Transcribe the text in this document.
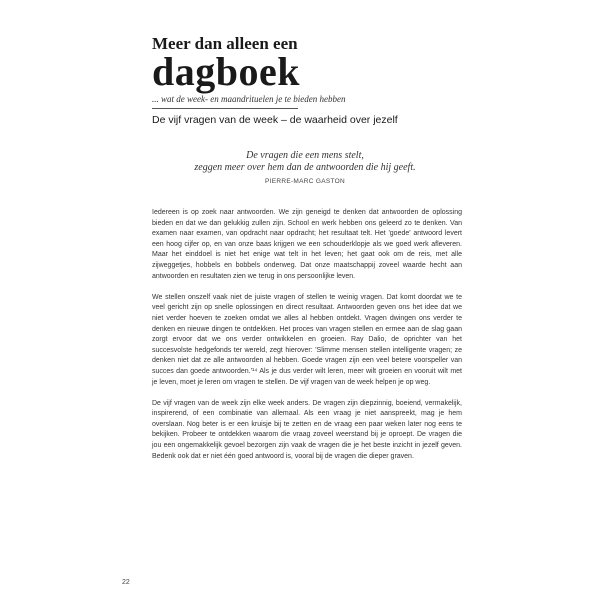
Meer dan alleen een
dagboek
... wat de week- en maandrituelen je te bieden hebben
De vijf vragen van de week – de waarheid over jezelf
De vragen die een mens stelt,
zeggen meer over hem dan de antwoorden die hij geeft.
PIERRE-MARC GASTON

Iedereen is op zoek naar antwoorden. We zijn geneigd te denken dat antwoorden de oplossing bieden en dat we dan gelukkig zullen zijn. School en werk hebben ons geleerd zo te denken. Van examen naar examen, van opdracht naar opdracht; het resultaat telt. Het 'goede' antwoord levert een hoog cijfer op, en van onze baas krijgen we een schouderklopje als we goed werk afleveren. Maar het einddoel is niet het enige wat telt in het leven; het gaat ook om de reis, met alle zijweggetjes, hobbels en bobbels onderweg. Dat onze maatschappij zoveel waarde hecht aan antwoorden en resultaten zien we terug in ons persoonlijke leven.

We stellen onszelf vaak niet de juiste vragen of stellen te weinig vragen. Dat komt doordat we te veel gericht zijn op snelle oplossingen en direct resultaat. Antwoorden geven ons het idee dat we niet verder hoeven te zoeken omdat we alles al hebben ontdekt. Vragen dwingen ons verder te denken en nieuwe dingen te ontdekken. Het proces van vragen stellen en ermee aan de slag gaan zorgt ervoor dat we ons verder ontwikkelen en groeien. Ray Dalio, de oprichter van het succesvolste hedgefonds ter wereld, zegt hierover: 'Slimme mensen stellen intelligente vragen; ze denken niet dat ze alle antwoorden al hebben. Goede vragen zijn een veel betere voorspeller van succes dan goede antwoorden.'¹⁴ Als je dus verder wilt leren, meer wilt groeien en vooruit wilt met je leven, moet je leren om vragen te stellen. De vijf vragen van de week helpen je op weg.

De vijf vragen van de week zijn elke week anders. De vragen zijn diepzinnig, boeiend, vermakelijk, inspirerend, of een combinatie van allemaal. Als een vraag je niet aanspreekt, mag je hem overslaan. Nog beter is er een kruisje bij te zetten en de vraag een paar weken later nog eens te bekijken. Probeer te ontdekken waarom die vraag zoveel weerstand bij je oproept. De vragen die jou een ongemakkelijk gevoel bezorgen zijn vaak de vragen die je het beste inzicht in jezelf geven. Bedenk ook dat er niet één goed antwoord is, vooral bij de vragen die dieper graven.

22
